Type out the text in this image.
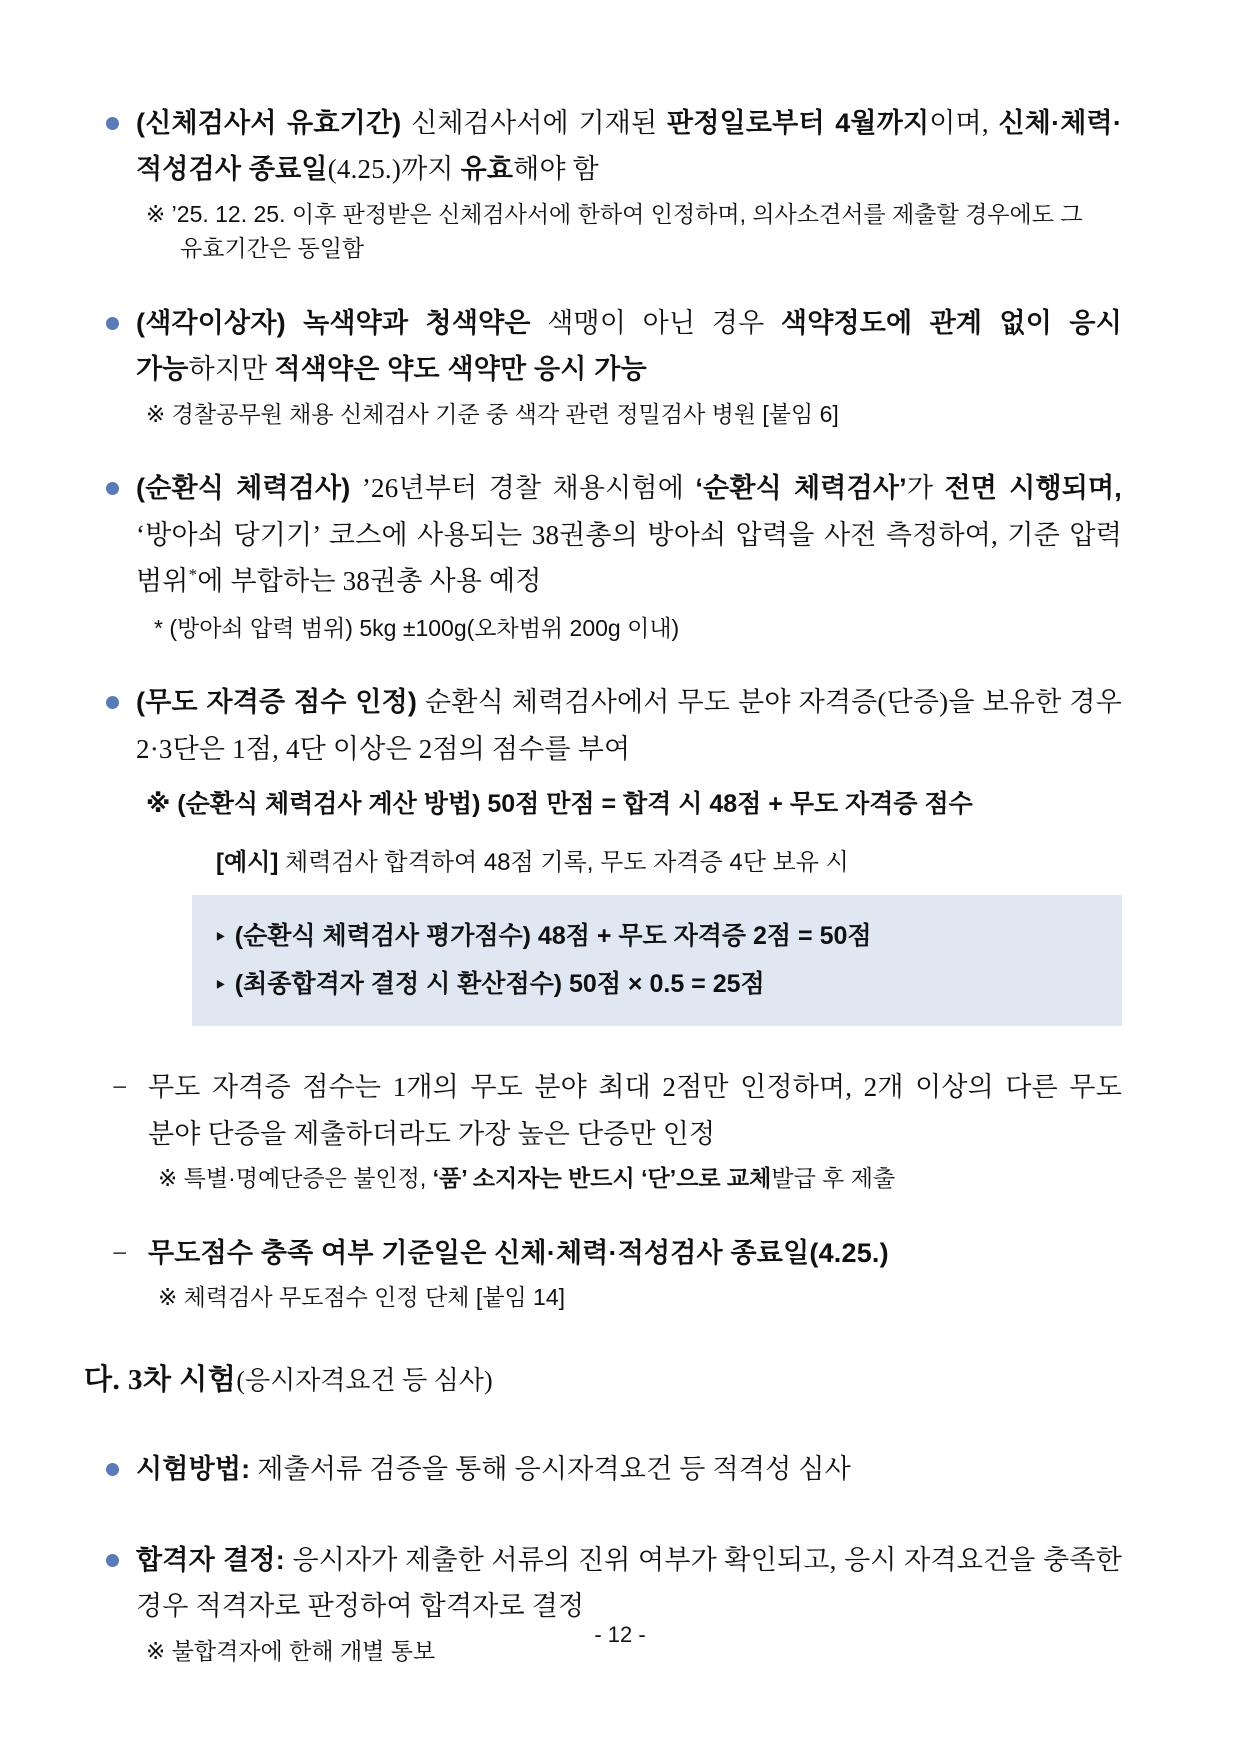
(신체검사서 유효기간) 신체검사서에 기재된 판정일로부터 4월까지이며, 신체·체력·적성검사 종료일(4.25.)까지 유효해야 함
※ ’25. 12. 25. 이후 판정받은 신체검사서에 한하여 인정하며, 의사소견서를 제출할 경우에도 그 유효기간은 동일함
(색각이상자) 녹색약과 청색약은 색맹이 아닌 경우 색약정도에 관계 없이 응시 가능하지만 적색약은 약도 색약만 응시 가능
※ 경찰공무원 채용 신체검사 기준 중 색각 관련 정밀검사 병원 [붙임 6]
(순환식 체력검사) ’26년부터 경찰 채용시험에 ‘순환식 체력검사’가 전면 시행되며, ‘방아쇠 당기기’ 코스에 사용되는 38권총의 방아쇠 압력을 사전 측정하여, 기준 압력 범위*에 부합하는 38권총 사용 예정
* (방아쇠 압력 범위) 5kg ±100g(오차범위 200g 이내)
(무도 자격증 점수 인정) 순환식 체력검사에서 무도 분야 자격증(단증)을 보유한 경우 2·3단은 1점, 4단 이상은 2점의 점수를 부여
※ (순환식 체력검사 계산 방법) 50점 만점 = 합격 시 48점 + 무도 자격증 점수
[예시] 체력검사 합격하여 48점 기록, 무도 자격증 4단 보유 시
‣ (순환식 체력검사 평가점수) 48점 + 무도 자격증 2점 = 50점
‣ (최종합격자 결정 시 환산점수) 50점 × 0.5 = 25점
− 무도 자격증 점수는 1개의 무도 분야 최대 2점만 인정하며, 2개 이상의 다른 무도 분야 단증을 제출하더라도 가장 높은 단증만 인정
※ 특별·명예단증은 불인정, ‘품’ 소지자는 반드시 ‘단’으로 교체발급 후 제출
− 무도점수 충족 여부 기준일은 신체·체력·적성검사 종료일(4.25.)
※ 체력검사 무도점수 인정 단체 [붙임 14]
다. 3차 시험(응시자격요건 등 심사)
시험방법: 제출서류 검증을 통해 응시자격요건 등 적격성 심사
합격자 결정: 응시자가 제출한 서류의 진위 여부가 확인되고, 응시 자격요건을 충족한 경우 적격자로 판정하여 합격자로 결정
※ 불합격자에 한해 개별 통보
- 12 -
